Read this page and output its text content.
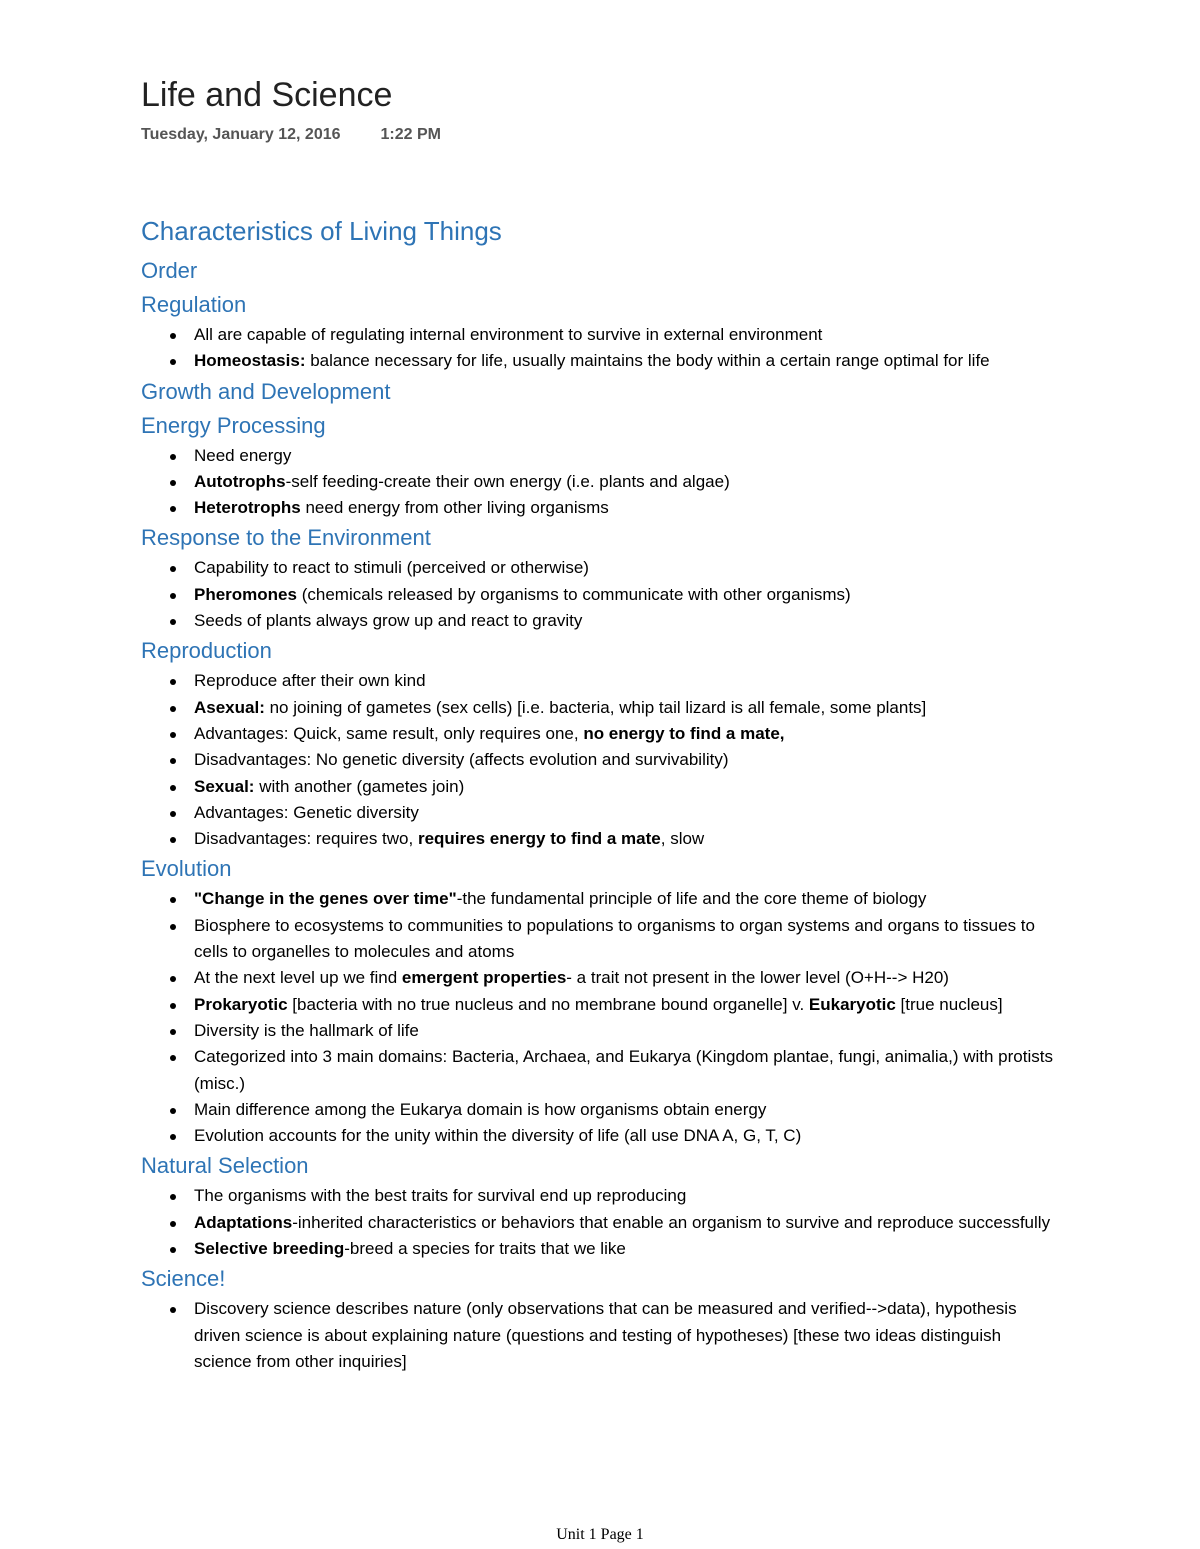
Life and Science
Tuesday, January 12, 2016	1:22 PM
Characteristics of Living Things
Order
Regulation
All are capable of regulating internal environment to survive in external environment
Homeostasis: balance necessary for life, usually maintains the body within a certain range optimal for life
Growth and Development
Energy Processing
Need energy
Autotrophs-self feeding-create their own energy (i.e. plants and algae)
Heterotrophs need energy from other living organisms
Response to the Environment
Capability to react to stimuli (perceived or otherwise)
Pheromones (chemicals released by organisms to communicate with other organisms)
Seeds of plants always grow up and react to gravity
Reproduction
Reproduce after their own kind
Asexual: no joining of gametes (sex cells) [i.e. bacteria, whip tail lizard is all female, some plants]
Advantages: Quick, same result, only requires one, no energy to find a mate,
Disadvantages: No genetic diversity (affects evolution and survivability)
Sexual: with another (gametes join)
Advantages: Genetic diversity
Disadvantages: requires two, requires energy to find a mate, slow
Evolution
"Change in the genes over time"-the fundamental principle of life and the core theme of biology
Biosphere to ecosystems to communities to populations to organisms to organ systems and organs to tissues to cells to organelles to molecules and atoms
At the next level up we find emergent properties- a trait not present in the lower level (O+H--> H20)
Prokaryotic [bacteria with no true nucleus and no membrane bound organelle] v. Eukaryotic [true nucleus]
Diversity is the hallmark of life
Categorized into 3 main domains: Bacteria, Archaea, and Eukarya (Kingdom plantae, fungi, animalia,) with protists (misc.)
Main difference among the Eukarya domain is how organisms obtain energy
Evolution accounts for the unity within the diversity of life (all use DNA A, G, T, C)
Natural Selection
The organisms with the best traits for survival end up reproducing
Adaptations-inherited characteristics or behaviors that enable an organism to survive and reproduce successfully
Selective breeding-breed a species for traits that we like
Science!
Discovery science describes nature (only observations that can be measured and verified-->data), hypothesis driven science is about explaining nature (questions and testing of hypotheses) [these two ideas distinguish science from other inquiries]
Unit 1 Page 1
